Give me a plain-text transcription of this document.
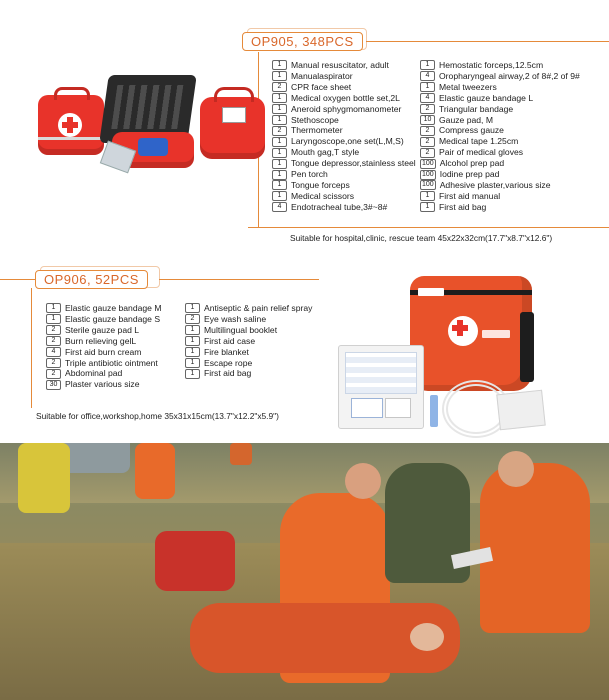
OP905, 348PCS
1	Manual resuscitator, adult
1	Manualaspirator
2	CPR face sheet
1	Medical oxygen bottle set,2L
1	Aneroid sphygmomanometer
1	Stethoscope
2	Thermometer
1	Laryngoscope,one set(L,M,S)
1	Mouth gag,T style
1	Tongue depressor,stainless steel
1	Pen torch
1	Tongue forceps
1	Medical scissors
4	Endotracheal tube,3#~8#
1	Hemostatic forceps,12.5cm
4	Oropharyngeal airway,2 of 8#,2 of 9#
1	Metal tweezers
4	Elastic gauze bandage L
2	Triangular bandage
10 Gauze pad, M
2	Compress gauze
2	Medical tape 1.25cm
2	Pair of medical gloves
100 Alcohol prep pad
100 Iodine prep pad
100 Adhesive plaster,various size
1	First aid manual
1	First aid bag
Suitable for hospital,clinic, rescue team 45x22x32cm(17.7"x8.7"x12.6")
OP906, 52PCS
1	Elastic gauze bandage M
1	Elastic gauze bandage S
2	Sterile gauze pad L
2	Burn relieving gelL
4	First aid burn cream
2	Triple antibiotic ointment
2	Abdominal pad
30 Plaster various size
1	Antiseptic & pain relief spray
2	Eye wash saline
1	Multilingual booklet
1	First aid case
1	Fire blanket
1	Escape rope
1	First aid bag
Suitable for office,workshop,home 35x31x15cm(13.7"x12.2"x5.9")
